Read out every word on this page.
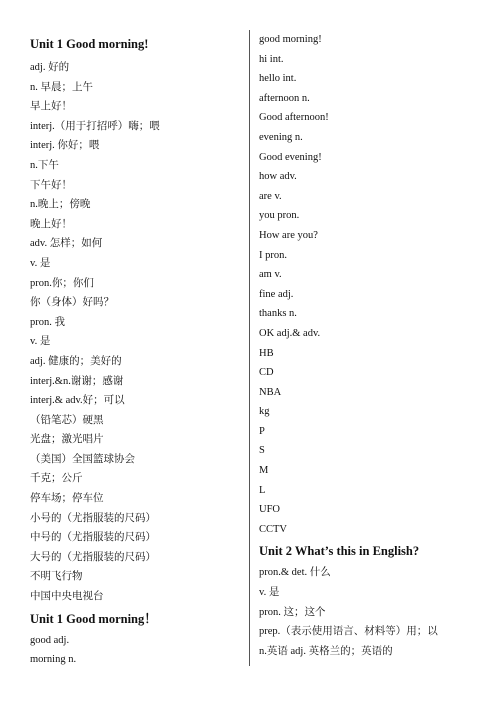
Unit 1 Good morning!
adj. 好的
n. 早晨；上午
早上好！
interj.（用于打招呼）嗨；喂
interj. 你好；喂
n.下午
下午好！
n.晚上；傍晚
晚上好！
adv. 怎样；如何
v. 是
pron.你；你们
你（身体）好吗？
pron. 我
v. 是
adj. 健康的；美好的
interj.&n.谢谢；感谢
interj.& adv.好；可以
（铅笔芯）硬黑
光盘；激光唱片
（美国）全国篮球协会
千克；公斤
停车场；停车位
小号的（尤指服装的尺码）
中号的（尤指服装的尺码）
大号的（尤指服装的尺码）
不明飞行物
中国中央电视台
Unit 1 Good morning！
good adj.
morning n.
good morning!
hi int.
hello int.
afternoon n.
Good afternoon!
evening n.
Good evening!
how adv.
are v.
you pron.
How are you?
I pron.
am v.
fine adj.
thanks n.
OK adj.& adv.
HB
CD
NBA
kg
P
S
M
L
UFO
CCTV
Unit 2 What’s this in English?
pron.& det. 什么
v. 是
pron. 这；这个
prep.（表示使用语言、材料等）用；以
n.英语 adj. 英格兰的；英语的
